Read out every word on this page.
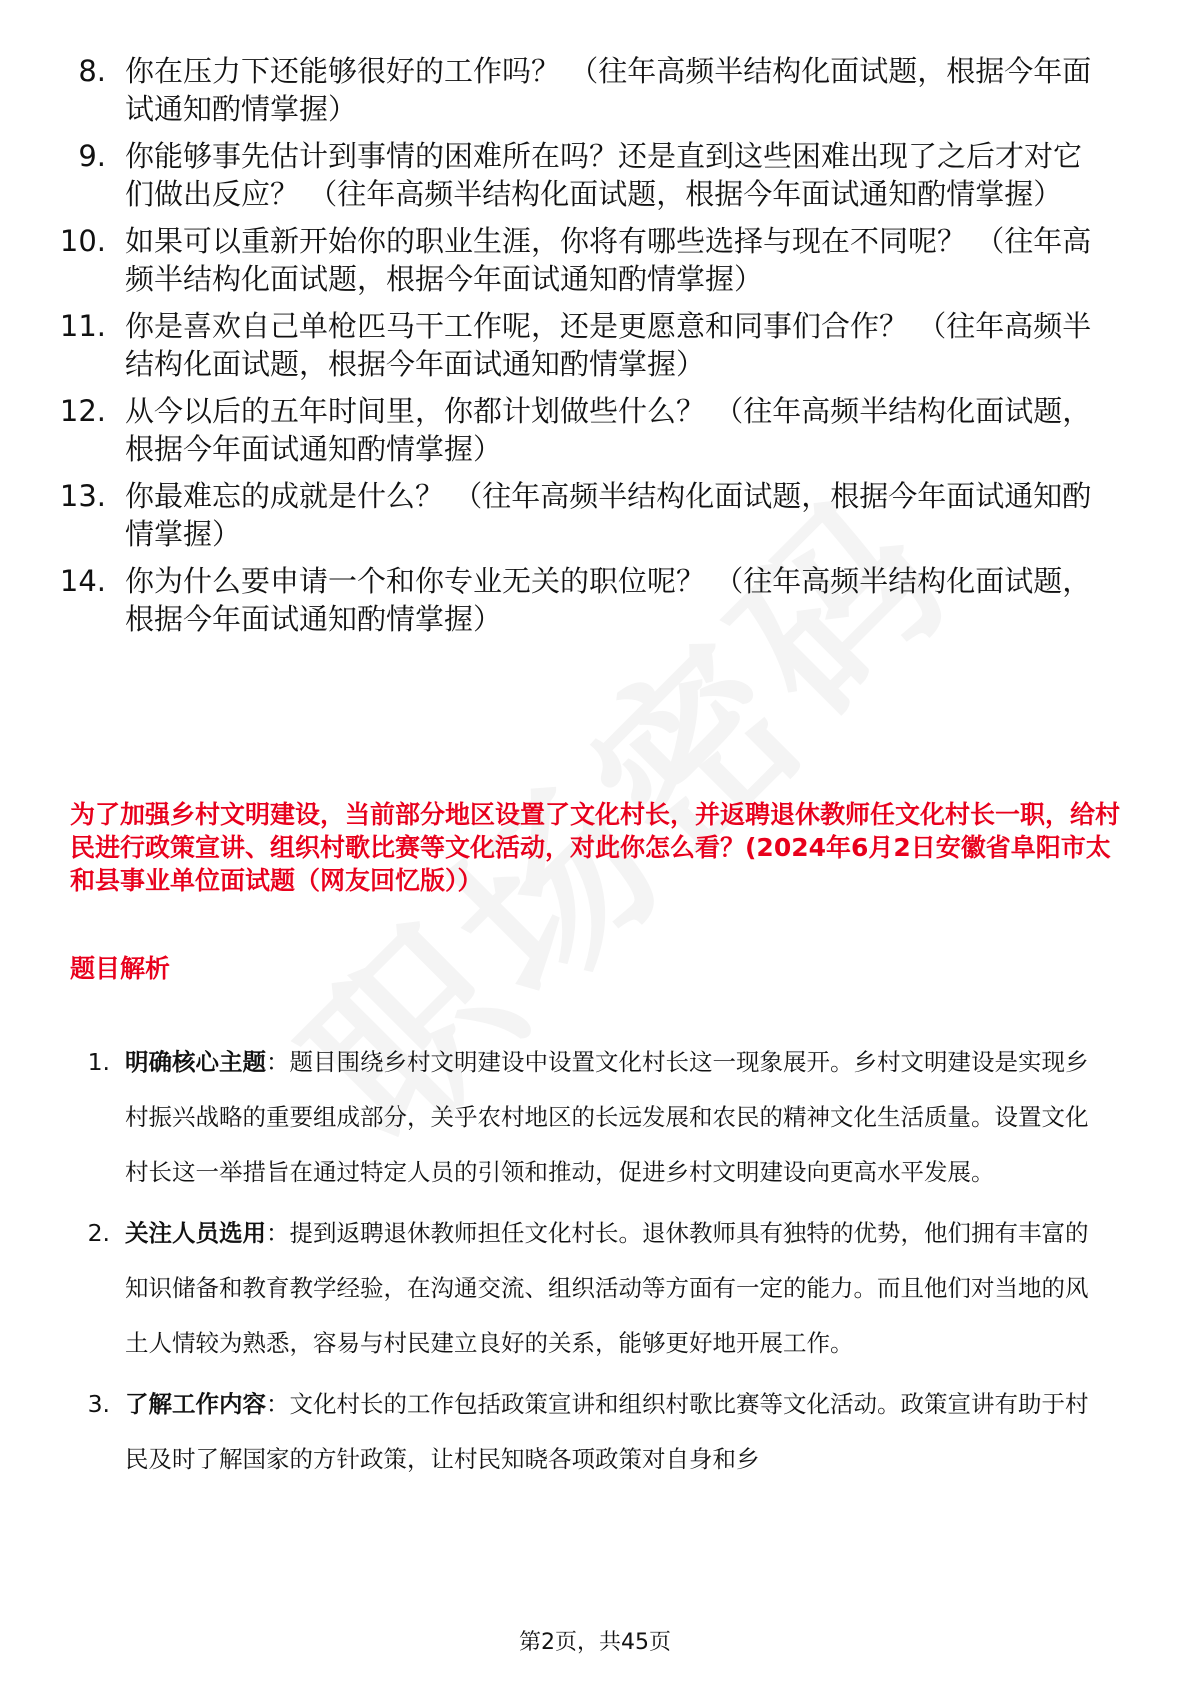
8. 你在压力下还能够很好的工作吗？ （往年高频半结构化面试题，根据今年面试通知酌情掌握）
9. 你能够事先估计到事情的困难所在吗？还是直到这些困难出现了之后才对它们做出反应？ （往年高频半结构化面试题，根据今年面试通知酌情掌握）
10. 如果可以重新开始你的职业生涯，你将有哪些选择与现在不同呢？ （往年高频半结构化面试题，根据今年面试通知酌情掌握）
11. 你是喜欢自己单枪匹马干工作呢，还是更愿意和同事们合作？ （往年高频半结构化面试题，根据今年面试通知酌情掌握）
12. 从今以后的五年时间里，你都计划做些什么？ （往年高频半结构化面试题，根据今年面试通知酌情掌握）
13. 你最难忘的成就是什么？ （往年高频半结构化面试题，根据今年面试通知酌情掌握）
14. 你为什么要申请一个和你专业无关的职位呢？ （往年高频半结构化面试题，根据今年面试通知酌情掌握）
为了加强乡村文明建设，当前部分地区设置了文化村长，并返聘退休教师任文化村长一职，给村民进行政策宣讲、组织村歌比赛等文化活动，对此你怎么看？(2024年6月2日安徽省阜阳市太和县事业单位面试题（网友回忆版））
题目解析
1. 明确核心主题：题目围绕乡村文明建设中设置文化村长这一现象展开。乡村文明建设是实现乡村振兴战略的重要组成部分，关乎农村地区的长远发展和农民的精神文化生活质量。设置文化村长这一举措旨在通过特定人员的引领和推动，促进乡村文明建设向更高水平发展。
2. 关注人员选用：提到返聘退休教师担任文化村长。退休教师具有独特的优势，他们拥有丰富的知识储备和教育教学经验，在沟通交流、组织活动等方面有一定的能力。而且他们对当地的风土人情较为熟悉，容易与村民建立良好的关系，能够更好地开展工作。
3. 了解工作内容：文化村长的工作包括政策宣讲和组织村歌比赛等文化活动。政策宣讲有助于村民及时了解国家的方针政策，让村民知晓各项政策对自身和乡
第2页，共45页
